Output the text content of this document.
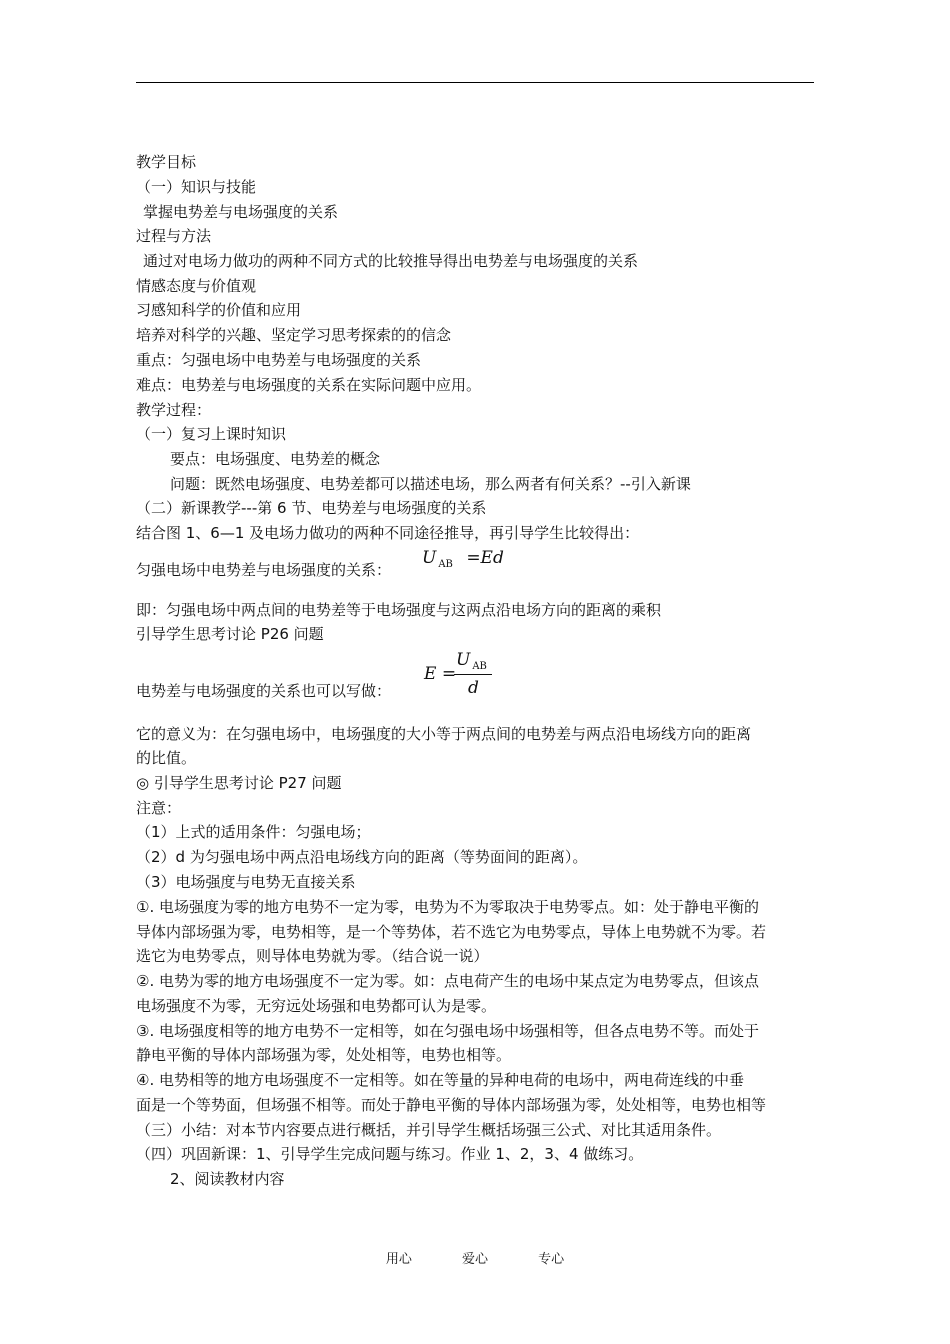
教学目标
（一）知识与技能
掌握电势差与电场强度的关系
过程与方法
通过对电场力做功的两种不同方式的比较推导得出电势差与电场强度的关系
情感态度与价值观
习感知科学的价值和应用
培养对科学的兴趣、坚定学习思考探索的的信念
重点：匀强电场中电势差与电场强度的关系
难点：电势差与电场强度的关系在实际问题中应用。
教学过程：
（一）复习上课时知识
要点：电场强度、电势差的概念
问题：既然电场强度、电势差都可以描述电场，那么两者有何关系？--引入新课
（二）新课教学---第 6 节、电势差与电场强度的关系
结合图 1、6—1 及电场力做功的两种不同途径推导，再引导学生比较得出：
匀强电场中电势差与电场强度的关系：
U $_{AB}$ =Ed
即：匀强电场中两点间的电势差等于电场强度与这两点沿电场方向的距离的乘积
引导学生思考讨论 P26 问题
电势差与电场强度的关系也可以写做：
E =
U $_{AB}$
d
它的意义为：在匀强电场中，电场强度的大小等于两点间的电势差与两点沿电场线方向的距离
的比值。
◎ 引导学生思考讨论 P27 问题
注意：
（1）上式的适用条件：匀强电场；
（2）d 为匀强电场中两点沿电场线方向的距离（等势面间的距离）。
（3）电场强度与电势无直接关系
①. 电场强度为零的地方电势不一定为零，电势为不为零取决于电势零点。如：处于静电平衡的
导体内部场强为零，电势相等，是一个等势体，若不选它为电势零点，导体上电势就不为零。若
选它为电势零点，则导体电势就为零。（结合说一说）
②. 电势为零的地方电场强度不一定为零。如：点电荷产生的电场中某点定为电势零点，但该点
电场强度不为零，无穷远处场强和电势都可认为是零。
③. 电场强度相等的地方电势不一定相等，如在匀强电场中场强相等，但各点电势不等。而处于
静电平衡的导体内部场强为零，处处相等，电势也相等。
④. 电势相等的地方电场强度不一定相等。如在等量的异种电荷的电场中，两电荷连线的中垂
面是一个等势面，但场强不相等。而处于静电平衡的导体内部场强为零，处处相等，电势也相等
（三）小结：对本节内容要点进行概括，并引导学生概括场强三公式、对比其适用条件。
（四）巩固新课：1、引导学生完成问题与练习。作业 1、2，3、4 做练习。
2、阅读教材内容
用心	爱心	专心
